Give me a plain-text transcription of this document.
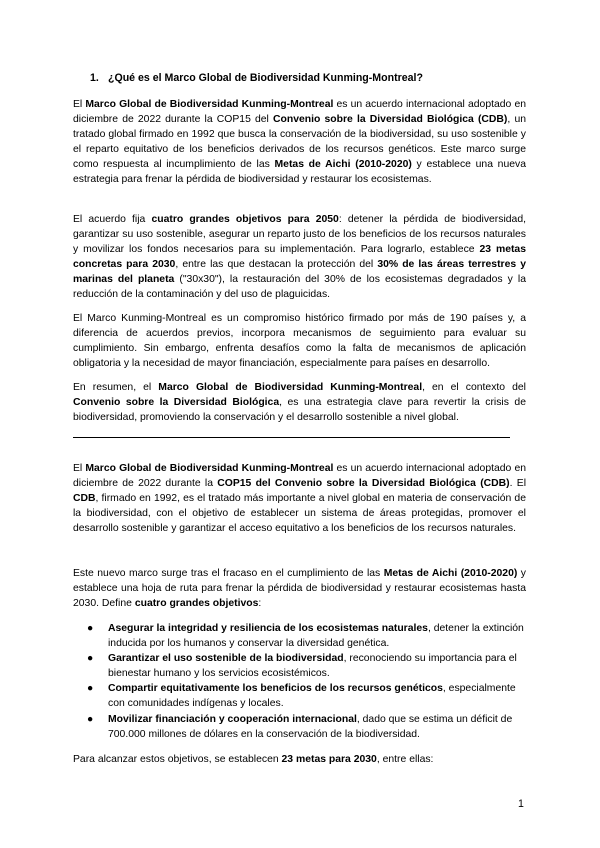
1. ¿Qué es el Marco Global de Biodiversidad Kunming-Montreal?

El Marco Global de Biodiversidad Kunming-Montreal es un acuerdo internacional adoptado en diciembre de 2022 durante la COP15 del Convenio sobre la Diversidad Biológica (CDB), un tratado global firmado en 1992 que busca la conservación de la biodiversidad, su uso sostenible y el reparto equitativo de los beneficios derivados de los recursos genéticos. Este marco surge como respuesta al incumplimiento de las Metas de Aichi (2010-2020) y establece una nueva estrategia para frenar la pérdida de biodiversidad y restaurar los ecosistemas.

El acuerdo fija cuatro grandes objetivos para 2050: detener la pérdida de biodiversidad, garantizar su uso sostenible, asegurar un reparto justo de los beneficios de los recursos naturales y movilizar los fondos necesarios para su implementación. Para lograrlo, establece 23 metas concretas para 2030, entre las que destacan la protección del 30% de las áreas terrestres y marinas del planeta ("30x30"), la restauración del 30% de los ecosistemas degradados y la reducción de la contaminación y del uso de plaguicidas.

El Marco Kunming-Montreal es un compromiso histórico firmado por más de 190 países y, a diferencia de acuerdos previos, incorpora mecanismos de seguimiento para evaluar su cumplimiento. Sin embargo, enfrenta desafíos como la falta de mecanismos de aplicación obligatoria y la necesidad de mayor financiación, especialmente para países en desarrollo.

En resumen, el Marco Global de Biodiversidad Kunming-Montreal, en el contexto del Convenio sobre la Diversidad Biológica, es una estrategia clave para revertir la crisis de biodiversidad, promoviendo la conservación y el desarrollo sostenible a nivel global.

El Marco Global de Biodiversidad Kunming-Montreal es un acuerdo internacional adoptado en diciembre de 2022 durante la COP15 del Convenio sobre la Diversidad Biológica (CDB). El CDB, firmado en 1992, es el tratado más importante a nivel global en materia de conservación de la biodiversidad, con el objetivo de establecer un sistema de áreas protegidas, promover el desarrollo sostenible y garantizar el acceso equitativo a los beneficios de los recursos naturales.

Este nuevo marco surge tras el fracaso en el cumplimiento de las Metas de Aichi (2010-2020) y establece una hoja de ruta para frenar la pérdida de biodiversidad y restaurar ecosistemas hasta 2030. Define cuatro grandes objetivos:

● Asegurar la integridad y resiliencia de los ecosistemas naturales, detener la extinción inducida por los humanos y conservar la diversidad genética.
● Garantizar el uso sostenible de la biodiversidad, reconociendo su importancia para el bienestar humano y los servicios ecosistémicos.
● Compartir equitativamente los beneficios de los recursos genéticos, especialmente con comunidades indígenas y locales.
● Movilizar financiación y cooperación internacional, dado que se estima un déficit de 700.000 millones de dólares en la conservación de la biodiversidad.

Para alcanzar estos objetivos, se establecen 23 metas para 2030, entre ellas:

1
